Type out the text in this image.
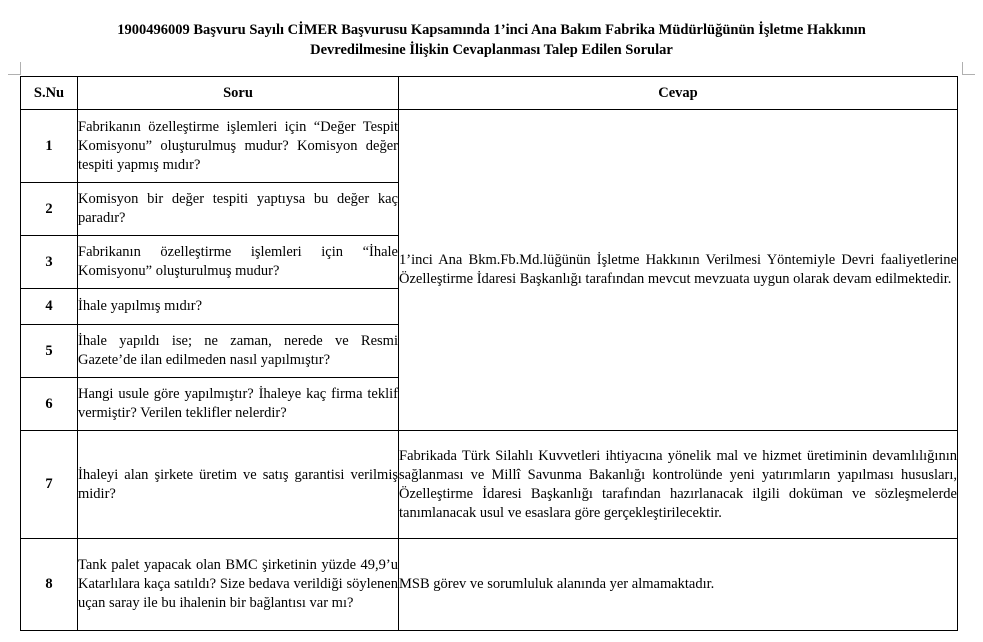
1900496009 Başvuru Sayılı CİMER Başvurusu Kapsamında 1’inci Ana Bakım Fabrika Müdürlüğünün İşletme Hakkının
Devredilmesine İlişkin Cevaplanması Talep Edilen Sorular
S.Nu	Soru	Cevap
1	Fabrikanın özelleştirme işlemleri için “Değer Tespit Komisyonu” oluşturulmuş mudur? Komisyon değer tespiti yapmış mıdır?	1’inci Ana Bkm.Fb.Md.lüğünün İşletme Hakkının Verilmesi Yöntemiyle Devri faaliyetlerine Özelleştirme İdaresi Başkanlığı tarafından mevcut mevzuata uygun olarak devam edilmektedir.
2	Komisyon bir değer tespiti yaptıysa bu değer kaç paradır?	
3	Fabrikanın özelleştirme işlemleri için “İhale Komisyonu” oluşturulmuş mudur?	
4	İhale yapılmış mıdır?	
5	İhale yapıldı ise; ne zaman, nerede ve Resmi Gazete’de ilan edilmeden nasıl yapılmıştır?	
6	Hangi usule göre yapılmıştır? İhaleye kaç firma teklif vermiştir? Verilen teklifler nelerdir?	
7	İhaleyi alan şirkete üretim ve satış garantisi verilmiş midir?	Fabrikada Türk Silahlı Kuvvetleri ihtiyacına yönelik mal ve hizmet üretiminin devamlılığının sağlanması ve Millî Savunma Bakanlığı kontrolünde yeni yatırımların yapılması hususları, Özelleştirme İdaresi Başkanlığı tarafından hazırlanacak ilgili doküman ve sözleşmelerde tanımlanacak usul ve esaslara göre gerçekleştirilecektir.
8	Tank palet yapacak olan BMC şirketinin yüzde 49,9’u Katarlılara kaça satıldı? Size bedava verildiği söylenen uçan saray ile bu ihalenin bir bağlantısı var mı?	MSB görev ve sorumluluk alanında yer almamaktadır.
